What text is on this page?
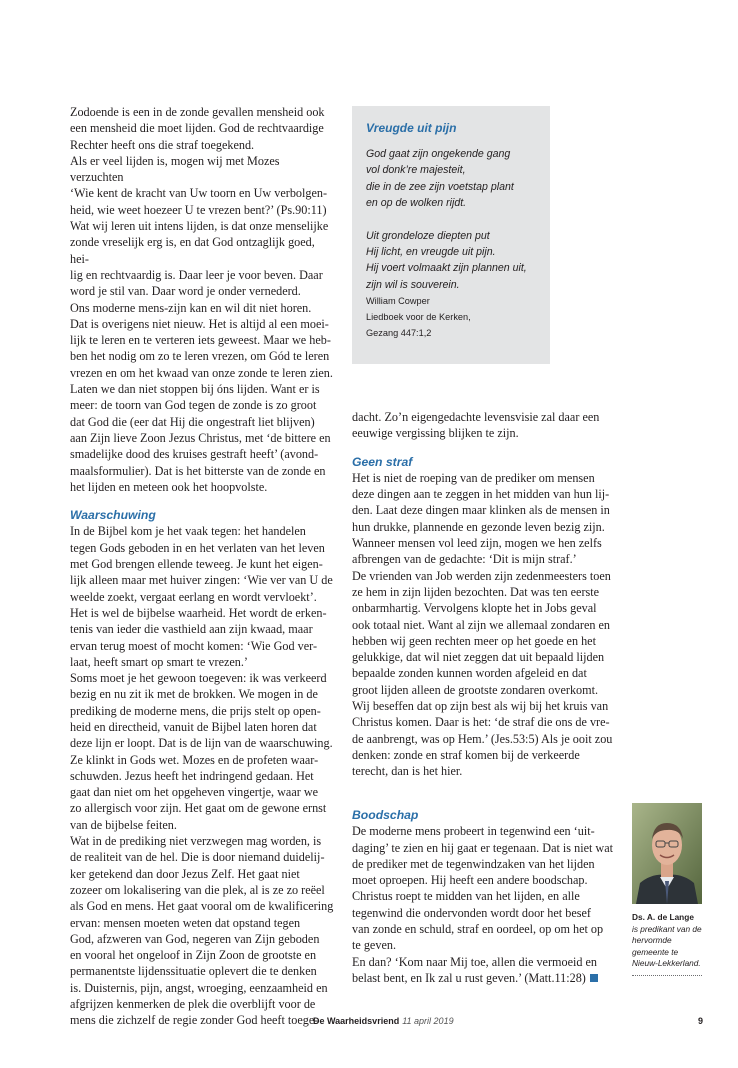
Zodoende is een in de zonde gevallen mensheid ook
een mensheid die moet lijden. God de rechtvaardige
Rechter heeft ons die straf toegekend.
Als er veel lijden is, mogen wij met Mozes verzuchten
‘Wie kent de kracht van Uw toorn en Uw verbolgen-
heid, wie weet hoezeer U te vrezen bent?’ (Ps.90:11)
Wat wij leren uit intens lijden, is dat onze menselijke
zonde vreselijk erg is, en dat God ontzaglijk goed, hei-
lig en rechtvaardig is. Daar leer je voor beven. Daar
word je stil van. Daar word je onder vernederd.
Ons moderne mens-zijn kan en wil dit niet horen.
Dat is overigens niet nieuw. Het is altijd al een moei-
lijk te leren en te verteren iets geweest. Maar we heb-
ben het nodig om zo te leren vrezen, om Gód te leren
vrezen en om het kwaad van onze zonde te leren zien.
Laten we dan niet stoppen bij óns lijden. Want er is
meer: de toorn van God tegen de zonde is zo groot
dat God die (eer dat Hij die ongestraft liet blijven)
aan Zijn lieve Zoon Jezus Christus, met ‘de bittere en
smadelijke dood des kruises gestraft heeft’ (avond-
maalsformulier). Dat is het bitterste van de zonde en
het lijden en meteen ook het hoopvolste.

Waarschuwing

In de Bijbel kom je het vaak tegen: het handelen
tegen Gods geboden in en het verlaten van het leven
met God brengen ellende teweeg. Je kunt het eigen-
lijk alleen maar met huiver zingen: ‘Wie ver van U de
weelde zoekt, vergaat eerlang en wordt vervloekt’.
Het is wel de bijbelse waarheid. Het wordt de erken-
tenis van ieder die vasthield aan zijn kwaad, maar
ervan terug moest of mocht komen: ‘Wie God ver-
laat, heeft smart op smart te vrezen.’
Soms moet je het gewoon toegeven: ik was verkeerd
bezig en nu zit ik met de brokken. We mogen in de
prediking de moderne mens, die prijs stelt op open-
heid en directheid, vanuit de Bijbel laten horen dat
deze lijn er loopt. Dat is de lijn van de waarschuwing.
Ze klinkt in Gods wet. Mozes en de profeten waar-
schuwden. Jezus heeft het indringend gedaan. Het
gaat dan niet om het opgeheven vingertje, waar we
zo allergisch voor zijn. Het gaat om de gewone ernst
van de bijbelse feiten.
Wat in de prediking niet verzwegen mag worden, is
de realiteit van de hel. Die is door niemand duidelij-
ker getekend dan door Jezus Zelf. Het gaat niet
zozeer om lokalisering van die plek, al is ze zo reëel
als God en mens. Het gaat vooral om de kwalificering
ervan: mensen moeten weten dat opstand tegen
God, afzweren van God, negeren van Zijn geboden
en vooral het ongeloof in Zijn Zoon de grootste en
permanentste lijdenssituatie oplevert die te denken
is. Duisternis, pijn, angst, wroeging, eenzaamheid en
afgrijzen kenmerken de plek die overblijft voor de
mens die zichzelf de regie zonder God heeft toege-

Vreugde uit pijn

God gaat zijn ongekende gang
vol donk’re majesteit,
die in de zee zijn voetstap plant
en op de wolken rijdt.

Uit grondeloze diepten put
Hij licht, en vreugde uit pijn.
Hij voert volmaakt zijn plannen uit,
zijn wil is souverein.

William Cowper

Liedboek voor de Kerken,

Gezang 447:1,2

dacht. Zo’n eigengedachte levensvisie zal daar een
eeuwige vergissing blijken te zijn.

Geen straf

Het is niet de roeping van de prediker om mensen
deze dingen aan te zeggen in het midden van hun lij-
den. Laat deze dingen maar klinken als de mensen in
hun drukke, plannende en gezonde leven bezig zijn.
Wanneer mensen vol leed zijn, mogen we hen zelfs
afbrengen van de gedachte: ‘Dit is mijn straf.’
De vrienden van Job werden zijn zedenmeesters toen
ze hem in zijn lijden bezochten. Dat was ten eerste
onbarmhartig. Vervolgens klopte het in Jobs geval
ook totaal niet. Want al zijn we allemaal zondaren en
hebben wij geen rechten meer op het goede en het
gelukkige, dat wil niet zeggen dat uit bepaald lijden
bepaalde zonden kunnen worden afgeleid en dat
groot lijden alleen de grootste zondaren overkomt.
Wij beseffen dat op zijn best als wij bij het kruis van
Christus komen. Daar is het: ‘de straf die ons de vre-
de aanbrengt, was op Hem.’ (Jes.53:5) Als je ooit zou
denken: zonde en straf komen bij de verkeerde
terecht, dan is het hier.

Boodschap

De moderne mens probeert in tegenwind een ‘uit-
daging’ te zien en hij gaat er tegenaan. Dat is niet wat
de prediker met de tegenwindzaken van het lijden
moet oproepen. Hij heeft een andere boodschap.
Christus roept te midden van het lijden, en alle
tegenwind die ondervonden wordt door het besef
van zonde en schuld, straf en oordeel, op om het op
te geven.
En dan? ‘Kom naar Mij toe, allen die vermoeid en
belast bent, en Ik zal u rust geven.’ (Matt.11:28)

Ds. A. de Lange
is predikant van de hervormde gemeente te Nieuw-Lekkerland.
De Waarheidsvriend 11 april 2019	9
